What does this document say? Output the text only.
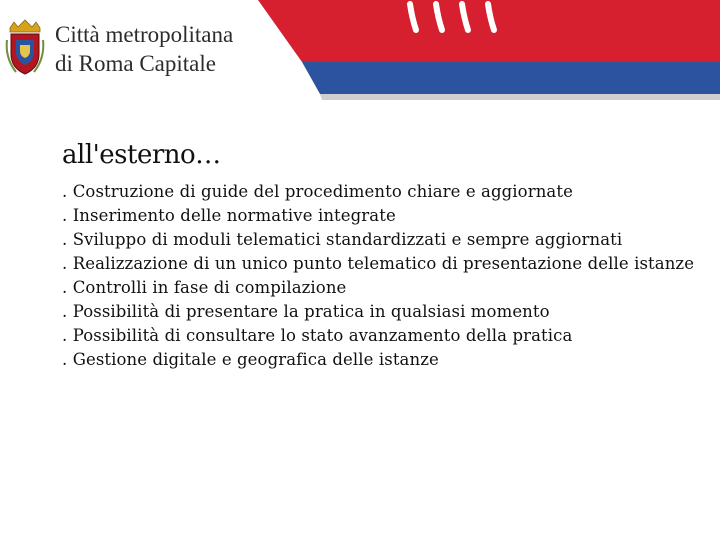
Città metropolitana
di Roma Capitale
all'esterno…
. Costruzione di guide del procedimento chiare e aggiornate
. Inserimento delle normative integrate
. Sviluppo di moduli telematici standardizzati e sempre aggiornati
. Realizzazione di un unico punto telematico di presentazione delle istanze
. Controlli in fase di compilazione
. Possibilità di presentare la pratica in qualsiasi momento
. Possibilità di consultare lo stato avanzamento della pratica
. Gestione digitale e geografica delle istanze
